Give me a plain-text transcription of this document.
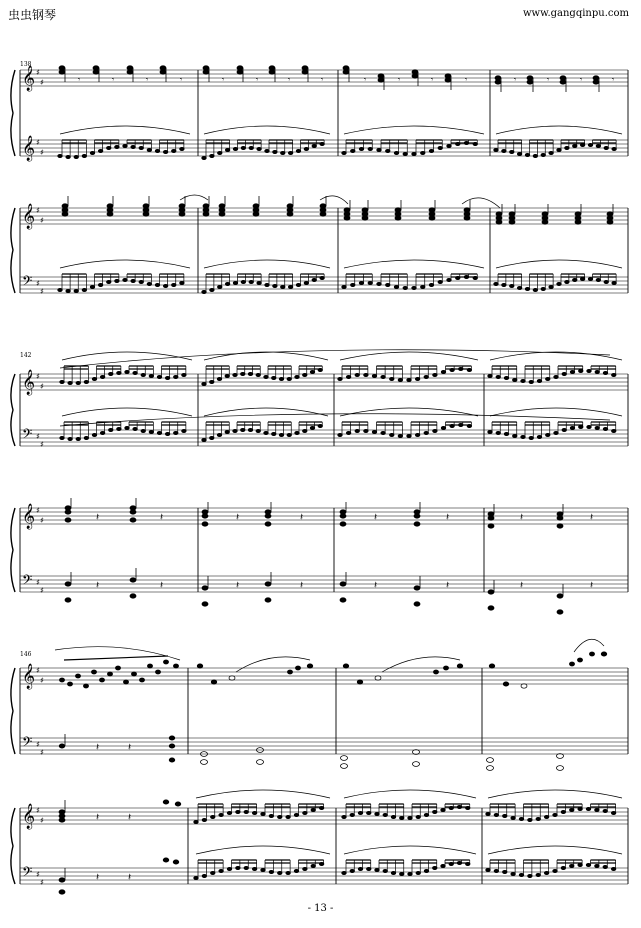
虫虫钢琴	www.gangqinpu.com
138
𝄞
𝄞
𝄞
𝄢
♯
♯
♯
♯
♯
♯
♯
♯
𝄾	𝄾	𝄾	𝄾	𝄾	𝄾	𝄾	𝄾	𝄾	𝄾	𝄾	𝄾	𝄾	𝄾	𝄾	𝄾
142
𝄞
𝄢
𝄞
𝄢
♯
♯
♯
♯
♯
♯
♯
♯
𝄽	𝄽	𝄽	𝄽	𝄽	𝄽	𝄽	𝄽
𝄽	𝄽	𝄽	𝄽	𝄽	𝄽	𝄽	𝄽
146
𝄞
𝄢
𝄞
𝄢
♯
♯
♯
♯
♯
♯
♯
♯
𝄽	𝄽
𝄽	𝄽
𝄽	𝄽
- 13 -
